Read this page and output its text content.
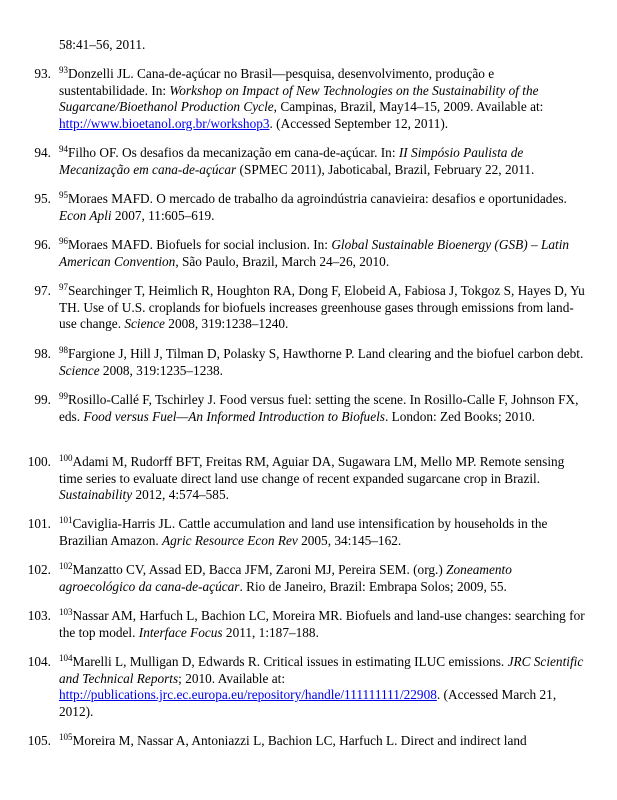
58:41–56, 2011.
93. $^{93}$Donzelli JL. Cana-de-açúcar no Brasil—pesquisa, desenvolvimento, produção e sustentabilidade. In: Workshop on Impact of New Technologies on the Sustainability of the Sugarcane/Bioethanol Production Cycle, Campinas, Brazil, May14–15, 2009. Available at: http://www.bioetanol.org.br/workshop3. (Accessed September 12, 2011).
94. $^{94}$Filho OF. Os desafios da mecanização em cana-de-açúcar. In: II Simpósio Paulista de Mecanização em cana-de-açúcar (SPMEC 2011), Jaboticabal, Brazil, February 22, 2011.
95. $^{95}$Moraes MAFD. O mercado de trabalho da agroindústria canavieira: desafios e oportunidades. Econ Apli 2007, 11:605–619.
96. $^{96}$Moraes MAFD. Biofuels for social inclusion. In: Global Sustainable Bioenergy (GSB) – Latin American Convention, São Paulo, Brazil, March 24–26, 2010.
97. $^{97}$Searchinger T, Heimlich R, Houghton RA, Dong F, Elobeid A, Fabiosa J, Tokgoz S, Hayes D, Yu TH. Use of U.S. croplands for biofuels increases greenhouse gases through emissions from land-use change. Science 2008, 319:1238–1240.
98. $^{98}$Fargione J, Hill J, Tilman D, Polasky S, Hawthorne P. Land clearing and the biofuel carbon debt. Science 2008, 319:1235–1238.
99. $^{99}$Rosillo-Callé F, Tschirley J. Food versus fuel: setting the scene. In Rosillo-Calle F, Johnson FX, eds. Food versus Fuel—An Informed Introduction to Biofuels. London: Zed Books; 2010.
100. $^{100}$Adami M, Rudorff BFT, Freitas RM, Aguiar DA, Sugawara LM, Mello MP. Remote sensing time series to evaluate direct land use change of recent expanded sugarcane crop in Brazil. Sustainability 2012, 4:574–585.
101. $^{101}$Caviglia-Harris JL. Cattle accumulation and land use intensification by households in the Brazilian Amazon. Agric Resource Econ Rev 2005, 34:145–162.
102. $^{102}$Manzatto CV, Assad ED, Bacca JFM, Zaroni MJ, Pereira SEM. (org.) Zoneamento agroecológico da cana-de-açúcar. Rio de Janeiro, Brazil: Embrapa Solos; 2009, 55.
103. $^{103}$Nassar AM, Harfuch L, Bachion LC, Moreira MR. Biofuels and land-use changes: searching for the top model. Interface Focus 2011, 1:187–188.
104. $^{104}$Marelli L, Mulligan D, Edwards R. Critical issues in estimating ILUC emissions. JRC Scientific and Technical Reports; 2010. Available at: http://publications.jrc.ec.europa.eu/repository/handle/111111111/22908. (Accessed March 21, 2012).
105. $^{105}$Moreira M, Nassar A, Antoniazzi L, Bachion LC, Harfuch L. Direct and indirect land
